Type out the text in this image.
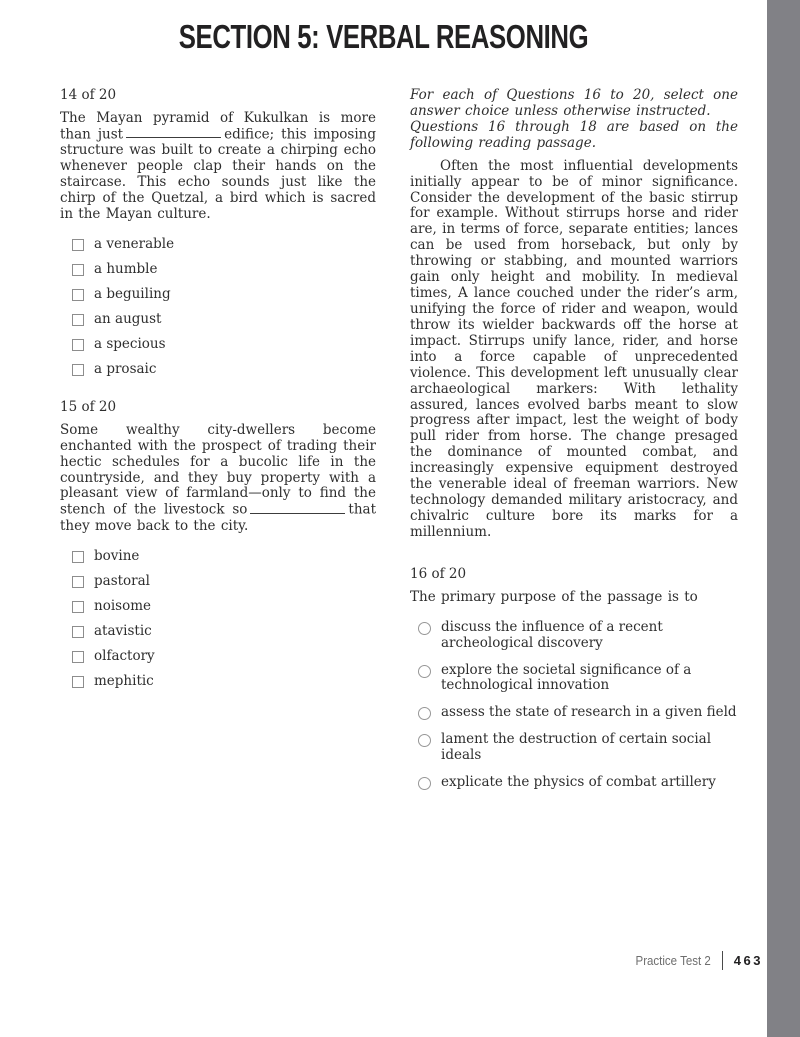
SECTION 5: VERBAL REASONING
14 of 20

The Mayan pyramid of Kukulkan is more than just	edifice; this imposing structure was built to create a chirping echo whenever people clap their hands on the staircase. This echo sounds just like the chirp of the Quetzal, a bird which is sacred in the Mayan culture.

a venerable
a humble
a beguiling
an august
a specious
a prosaic
15 of 20

Some wealthy city-dwellers become enchanted with the prospect of trading their hectic schedules for a bucolic life in the countryside, and they buy property with a pleasant view of farmland—only to find the stench of the livestock so	that they move back to the city.

bovine
pastoral
noisome
atavistic
olfactory
mephitic

For each of Questions 16 to 20, select one answer choice unless otherwise instructed.

Questions 16 through 18 are based on the following reading passage.

Often the most influential developments initially appear to be of minor significance. Consider the development of the basic stirrup for example. Without stirrups horse and rider are, in terms of force, separate entities; lances can be used from horseback, but only by throwing or stabbing, and mounted warriors gain only height and mobility. In medieval times, A lance couched under the rider’s arm, unifying the force of rider and weapon, would throw its wielder backwards off the horse at impact. Stirrups unify lance, rider, and horse into a force capable of unprecedented violence. This development left unusually clear archaeological markers: With lethality assured, lances evolved barbs meant to slow progress after impact, lest the weight of body pull rider from horse. The change presaged the dominance of mounted combat, and increasingly expensive equipment destroyed the venerable ideal of freeman warriors. New technology demanded military aristocracy, and chivalric culture bore its marks for a millennium.

16 of 20

The primary purpose of the passage is to

discuss the influence of a recent archeological discovery
explore the societal significance of a technological innovation
assess the state of research in a given field
lament the destruction of certain social ideals
explicate the physics of combat artillery
Practice Test 2 463
